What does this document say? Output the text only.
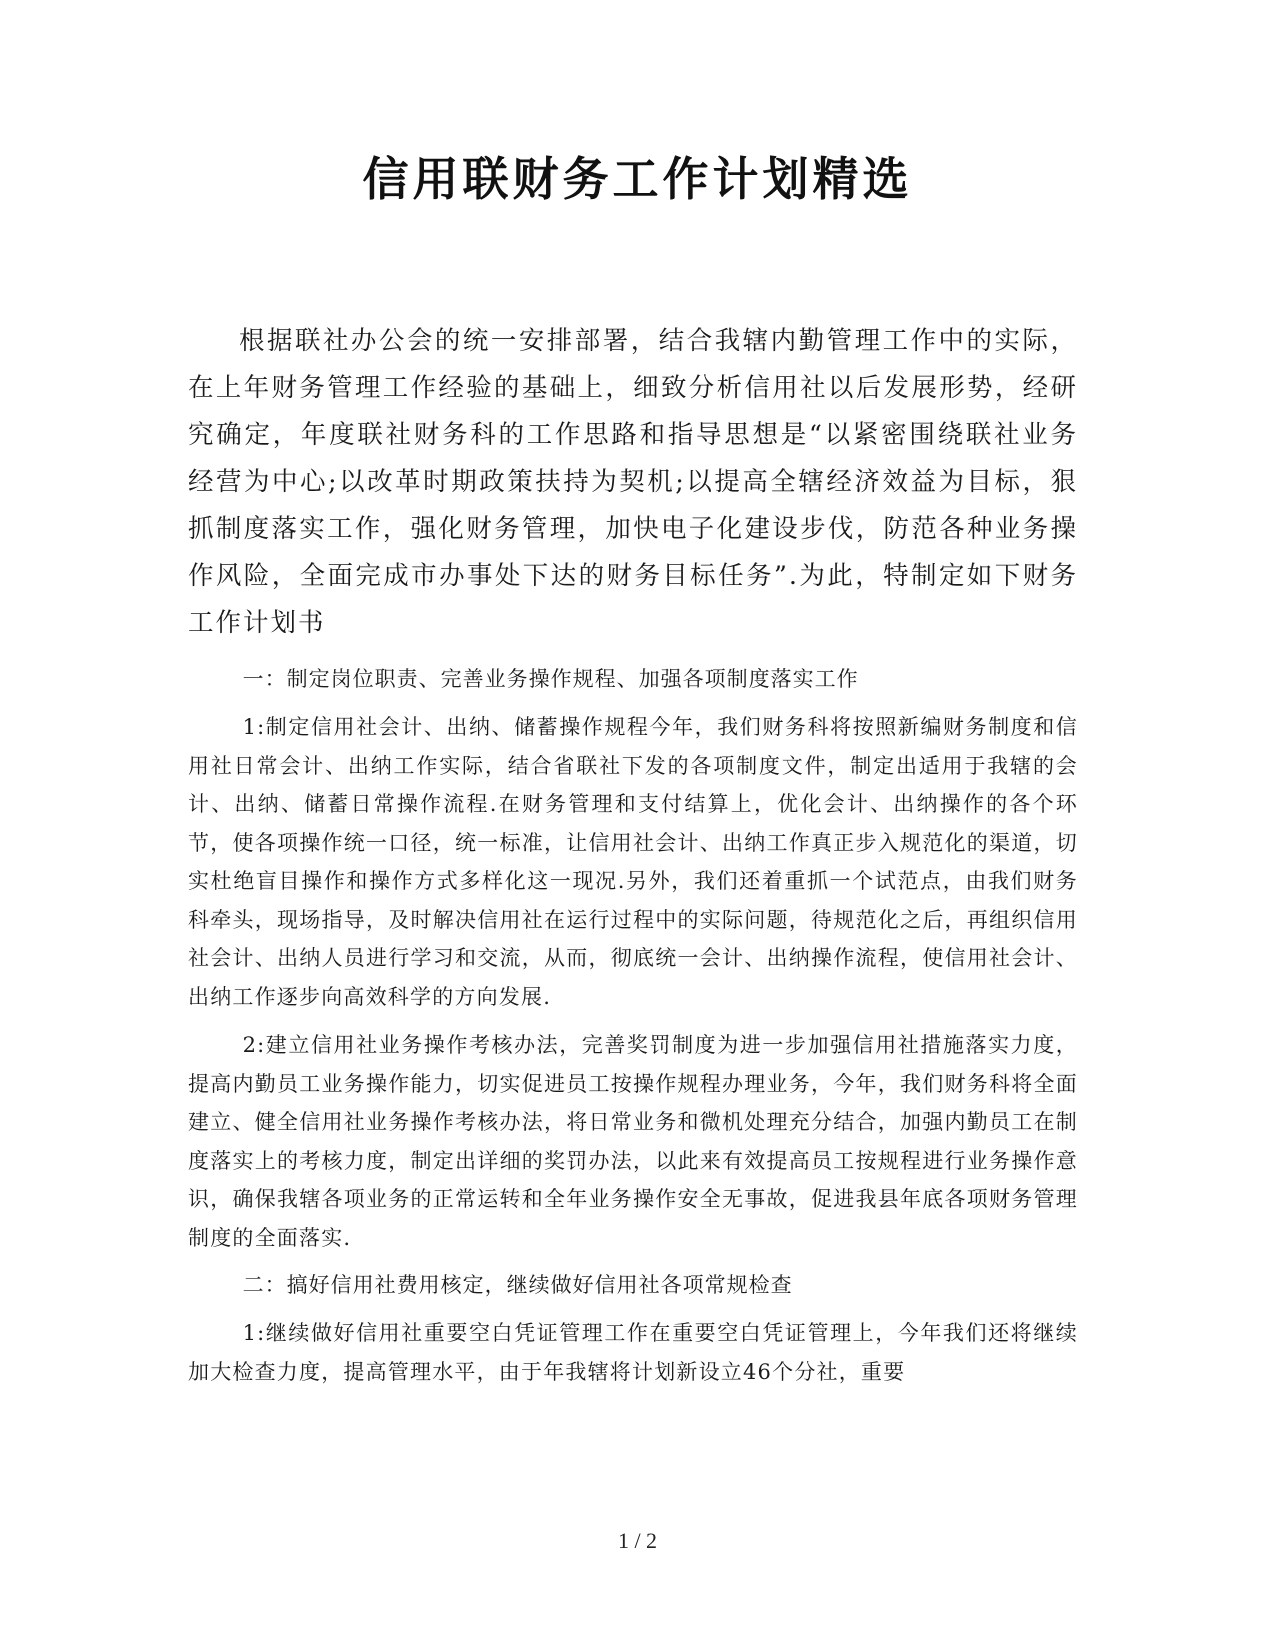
信用联财务工作计划精选

根据联社办公会的统一安排部署，结合我辖内勤管理工作中的实际，在上年财务管理工作经验的基础上，细致分析信用社以后发展形势，经研究确定，年度联社财务科的工作思路和指导思想是“以紧密围绕联社业务经营为中心;以改革时期政策扶持为契机;以提高全辖经济效益为目标，狠抓制度落实工作，强化财务管理，加快电子化建设步伐，防范各种业务操作风险，全面完成市办事处下达的财务目标任务”.为此，特制定如下财务工作计划书

一：制定岗位职责、完善业务操作规程、加强各项制度落实工作

1:制定信用社会计、出纳、储蓄操作规程今年，我们财务科将按照新编财务制度和信用社日常会计、出纳工作实际，结合省联社下发的各项制度文件，制定出适用于我辖的会计、出纳、储蓄日常操作流程.在财务管理和支付结算上，优化会计、出纳操作的各个环节，使各项操作统一口径，统一标准，让信用社会计、出纳工作真正步入规范化的渠道，切实杜绝盲目操作和操作方式多样化这一现况.另外，我们还着重抓一个试范点，由我们财务科牵头，现场指导，及时解决信用社在运行过程中的实际问题，待规范化之后，再组织信用社会计、出纳人员进行学习和交流，从而，彻底统一会计、出纳操作流程，使信用社会计、出纳工作逐步向高效科学的方向发展.

2:建立信用社业务操作考核办法，完善奖罚制度为进一步加强信用社措施落实力度，提高内勤员工业务操作能力，切实促进员工按操作规程办理业务，今年，我们财务科将全面建立、健全信用社业务操作考核办法，将日常业务和微机处理充分结合，加强内勤员工在制度落实上的考核力度，制定出详细的奖罚办法，以此来有效提高员工按规程进行业务操作意识，确保我辖各项业务的正常运转和全年业务操作安全无事故，促进我县年底各项财务管理制度的全面落实.

二：搞好信用社费用核定，继续做好信用社各项常规检查

1:继续做好信用社重要空白凭证管理工作在重要空白凭证管理上，今年我们还将继续加大检查力度，提高管理水平，由于年我辖将计划新设立46个分社，重要

1 / 2
